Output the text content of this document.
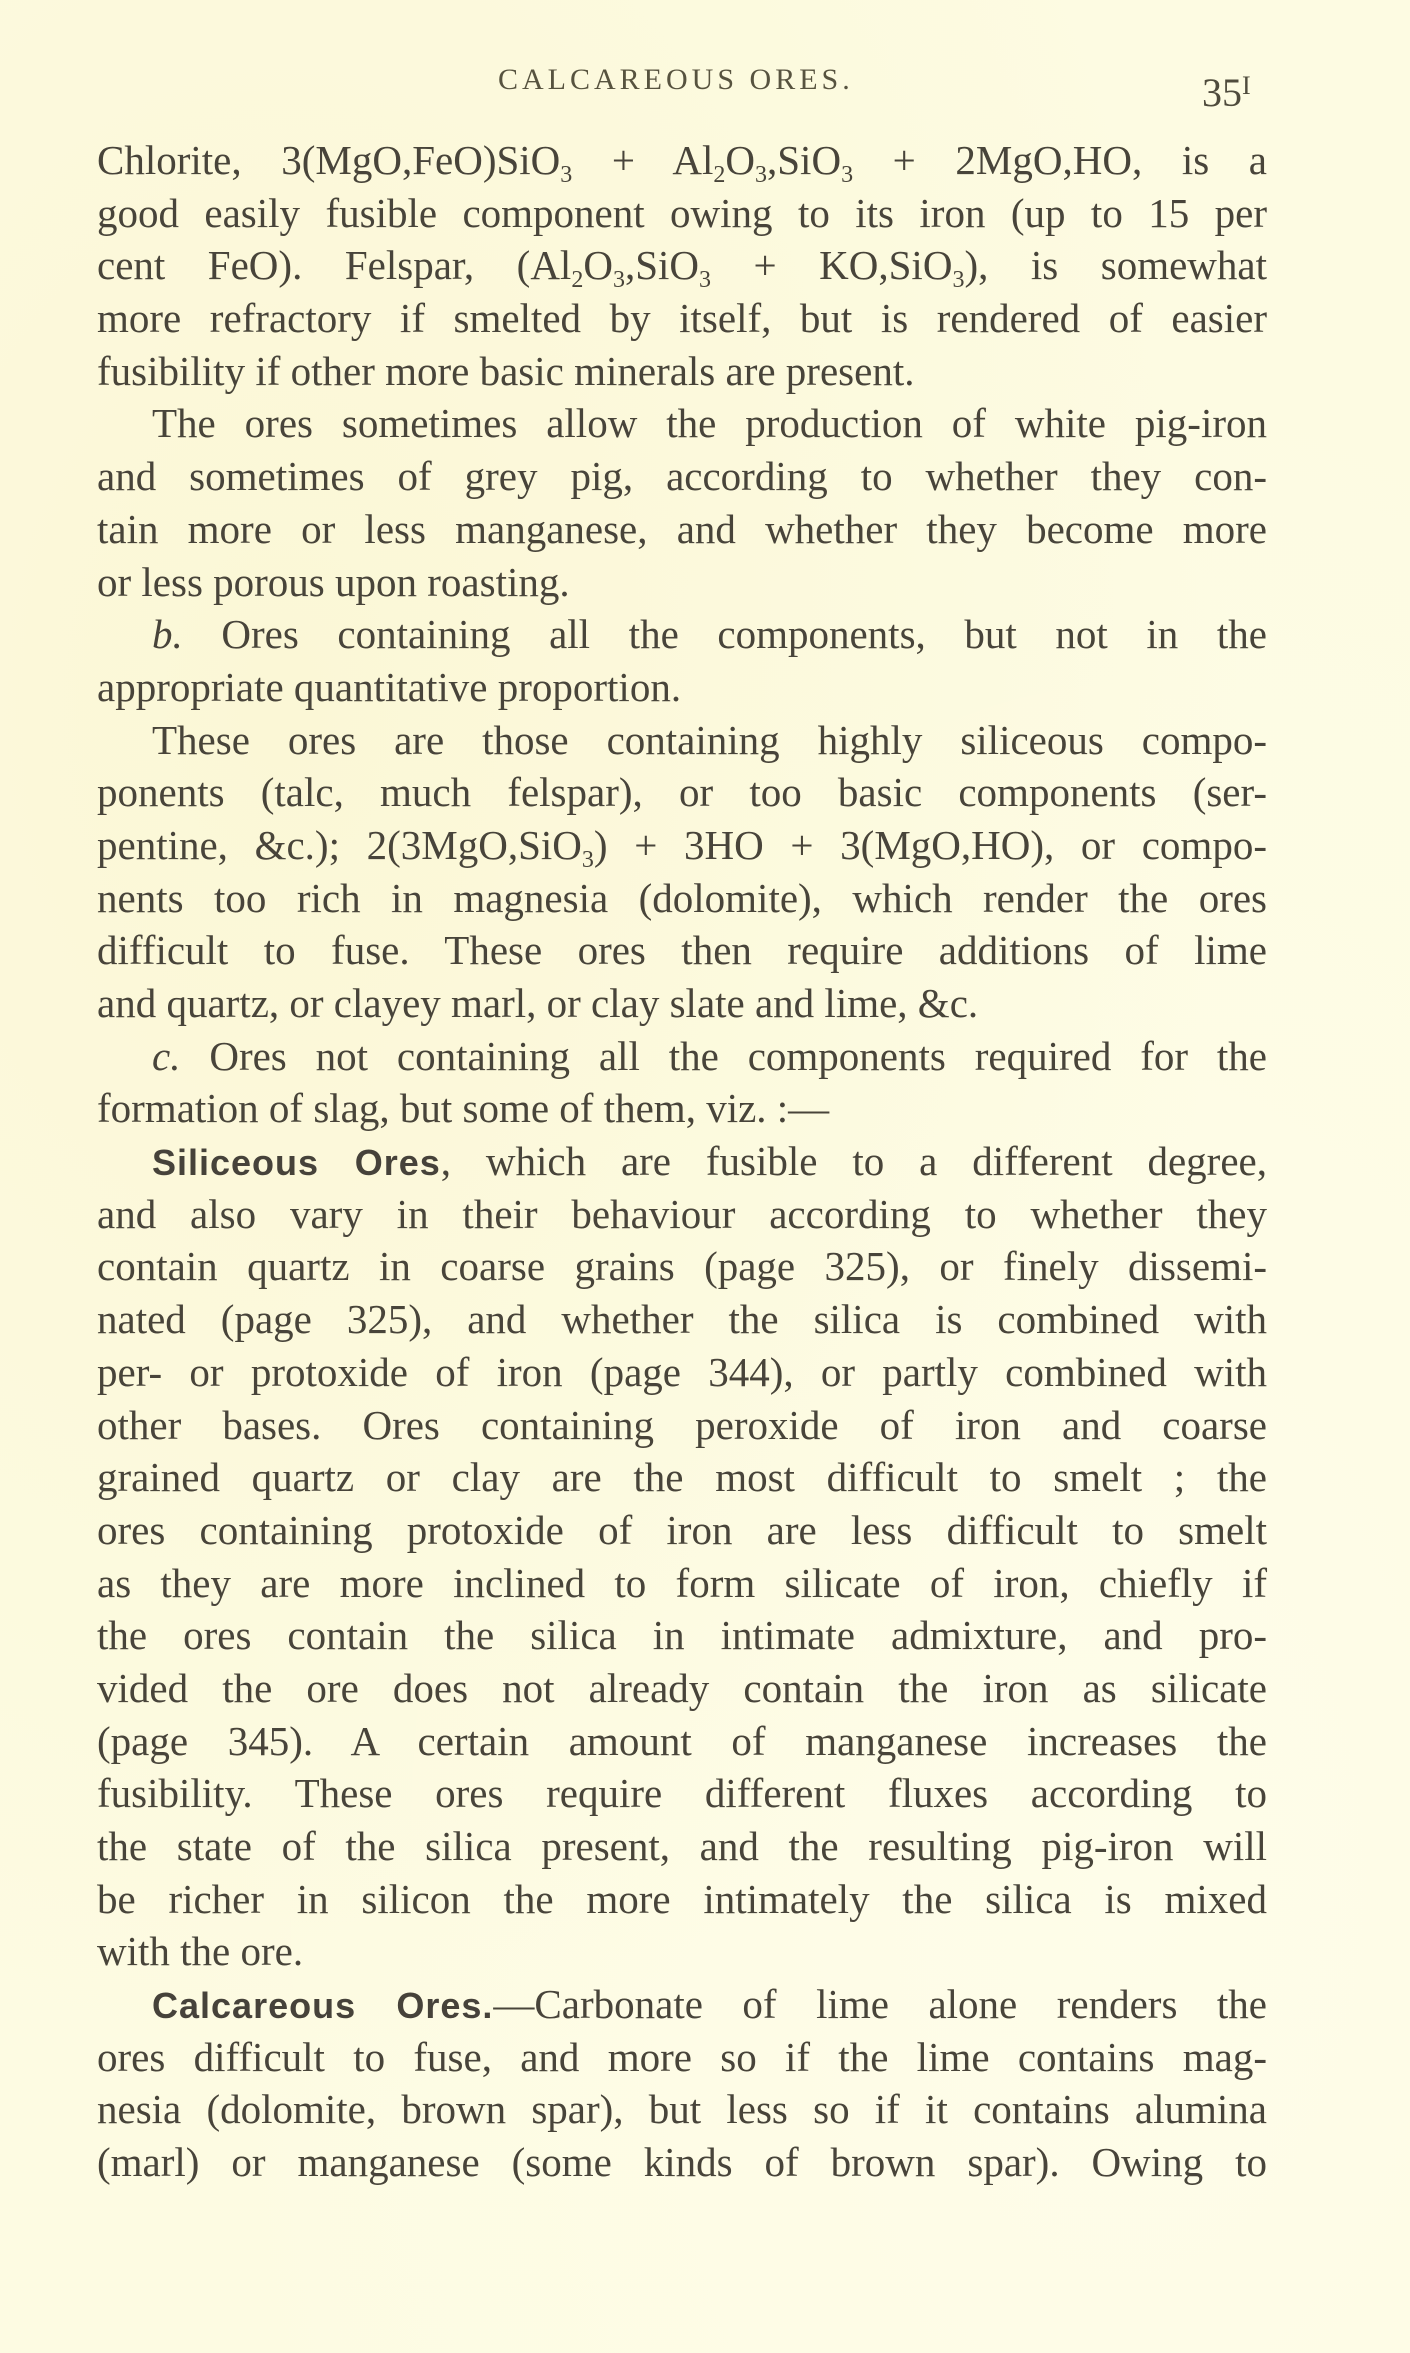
CALCAREOUS ORES.	$35^I$
Chlorite, $3(MgO,FeO)SiO_3 + Al_2O_3,SiO_3 + 2MgO,HO$, is a
good easily fusible component owing to its iron (up to 15 per
cent FeO). Felspar, $(Al_2O_3,SiO_3 + KO,SiO_3)$, is somewhat
more refractory if smelted by itself, but is rendered of easier
fusibility if other more basic minerals are present.
The ores sometimes allow the production of white pig-iron
and sometimes of grey pig, according to whether they con-
tain more or less manganese, and whether they become more
or less porous upon roasting.
b. Ores containing all the components, but not in the
appropriate quantitative proportion.
These ores are those containing highly siliceous compo-
ponents (talc, much felspar), or too basic components (ser-
pentine, &c.); 2(3MgO,SiO$_3$) + 3HO + 3(MgO,HO), or compo-
nents too rich in magnesia (dolomite), which render the ores
difficult to fuse. These ores then require additions of lime
and quartz, or clayey marl, or clay slate and lime, &c.
c. Ores not containing all the components required for the
formation of slag, but some of them, viz. :—
Siliceous Ores, which are fusible to a different degree,
and also vary in their behaviour according to whether they
contain quartz in coarse grains (page 325), or finely dissemi-
nated (page 325), and whether the silica is combined with
per- or protoxide of iron (page 344), or partly combined with
other bases. Ores containing peroxide of iron and coarse
grained quartz or clay are the most difficult to smelt ; the
ores containing protoxide of iron are less difficult to smelt
as they are more inclined to form silicate of iron, chiefly if
the ores contain the silica in intimate admixture, and pro-
vided the ore does not already contain the iron as silicate
(page 345). A certain amount of manganese increases the
fusibility. These ores require different fluxes according to
the state of the silica present, and the resulting pig-iron will
be richer in silicon the more intimately the silica is mixed
with the ore.
Calcareous Ores.—Carbonate of lime alone renders the
ores difficult to fuse, and more so if the lime contains mag-
nesia (dolomite, brown spar), but less so if it contains alumina
(marl) or manganese (some kinds of brown spar). Owing to
